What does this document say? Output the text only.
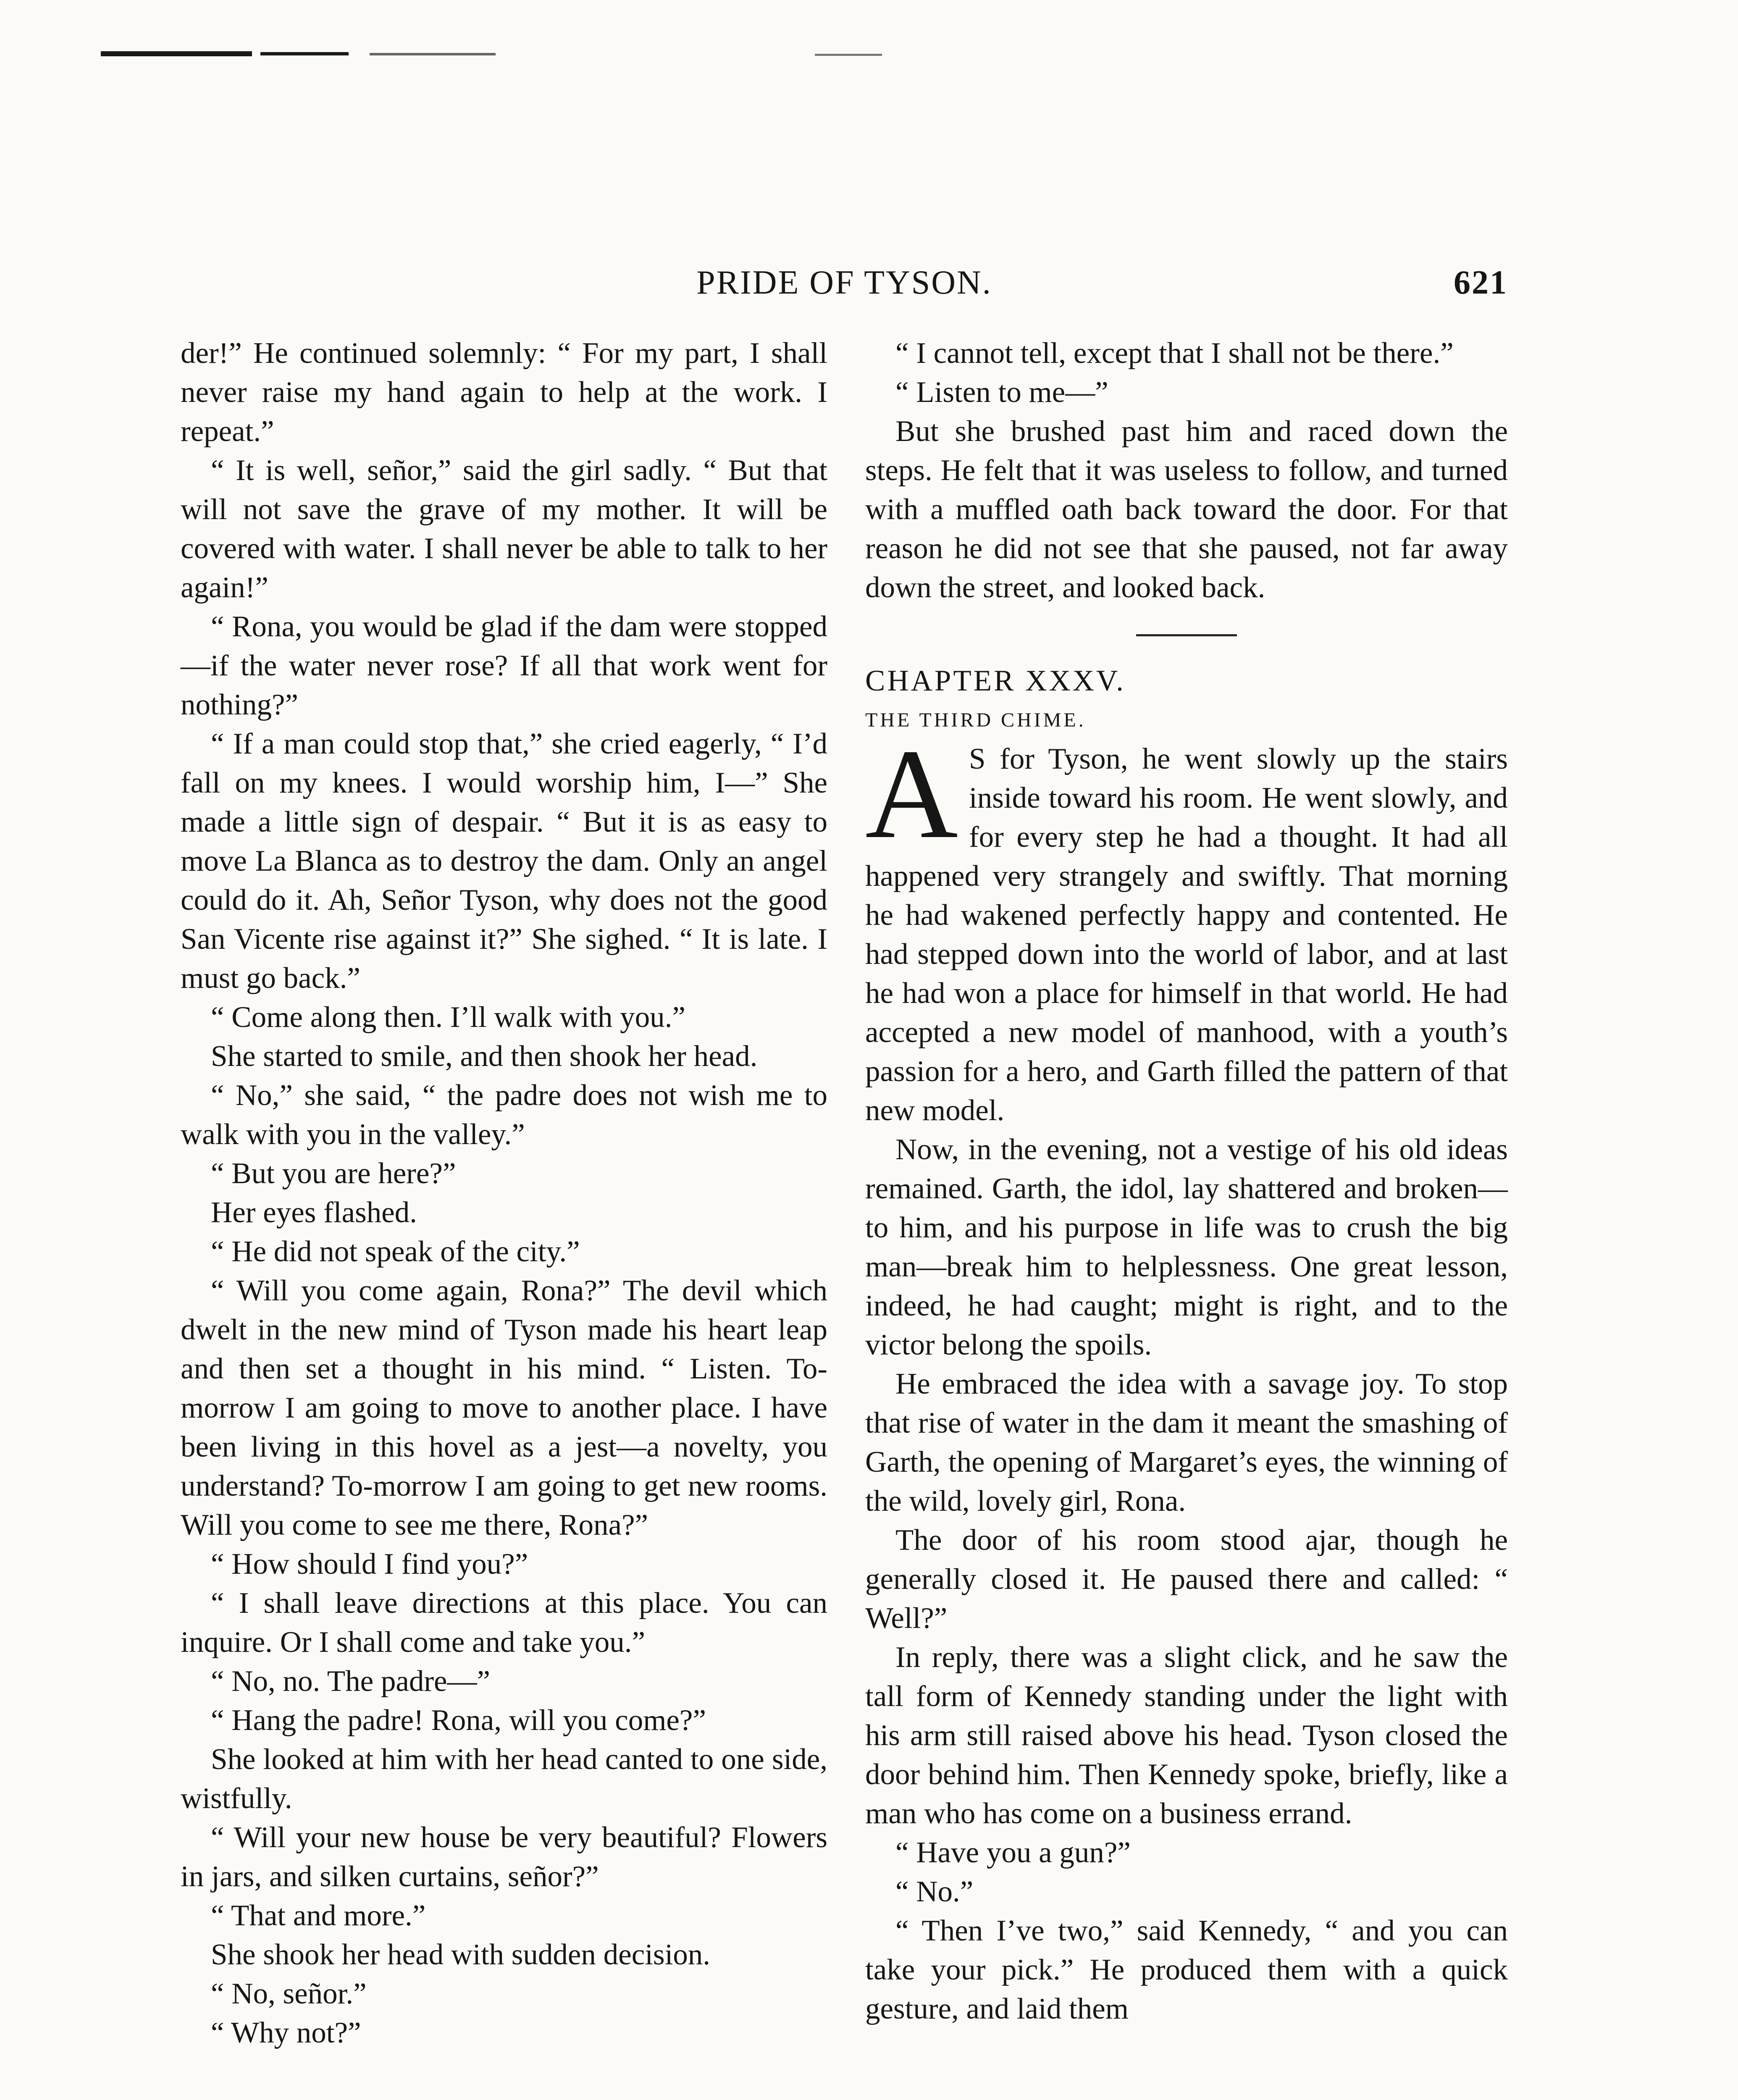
PRIDE OF TYSON.	621

der!” He continued solemnly: “ For my part, I shall never raise my hand again to help at the work. I repeat.”

“ It is well, señor,” said the girl sadly. “ But that will not save the grave of my mother. It will be covered with water. I shall never be able to talk to her again!”

“ Rona, you would be glad if the dam were stopped—if the water never rose? If all that work went for nothing?”

“ If a man could stop that,” she cried eagerly, “ I’d fall on my knees. I would worship him, I—” She made a little sign of despair. “ But it is as easy to move La Blanca as to destroy the dam. Only an angel could do it. Ah, Señor Tyson, why does not the good San Vicente rise against it?” She sighed. “ It is late. I must go back.”

“ Come along then. I’ll walk with you.”

She started to smile, and then shook her head.

“ No,” she said, “ the padre does not wish me to walk with you in the valley.”

“ But you are here?”

Her eyes flashed.

“ He did not speak of the city.”

“ Will you come again, Rona?” The devil which dwelt in the new mind of Tyson made his heart leap and then set a thought in his mind. “ Listen. To-morrow I am going to move to another place. I have been living in this hovel as a jest—a novelty, you understand? To-morrow I am going to get new rooms. Will you come to see me there, Rona?”

“ How should I find you?”

“ I shall leave directions at this place. You can inquire. Or I shall come and take you.”

“ No, no. The padre—”

“ Hang the padre! Rona, will you come?”

She looked at him with her head canted to one side, wistfully.

“ Will your new house be very beautiful? Flowers in jars, and silken curtains, señor?”

“ That and more.”

She shook her head with sudden decision.

“ No, señor.”

“ Why not?”

“ I cannot tell, except that I shall not be there.”

“ Listen to me—”

But she brushed past him and raced down the steps. He felt that it was useless to follow, and turned with a muffled oath back toward the door. For that reason he did not see that she paused, not far away down the street, and looked back.

CHAPTER XXXV.

THE THIRD CHIME.

A S for Tyson, he went slowly up the stairs inside toward his room. He went slowly, and for every step he had a thought. It had all happened very strangely and swiftly. That morning he had wakened perfectly happy and contented. He had stepped down into the world of labor, and at last he had won a place for himself in that world. He had accepted a new model of manhood, with a youth’s passion for a hero, and Garth filled the pattern of that new model.

Now, in the evening, not a vestige of his old ideas remained. Garth, the idol, lay shattered and broken—to him, and his purpose in life was to crush the big man—break him to helplessness. One great lesson, indeed, he had caught; might is right, and to the victor belong the spoils.

He embraced the idea with a savage joy. To stop that rise of water in the dam it meant the smashing of Garth, the opening of Margaret’s eyes, the winning of the wild, lovely girl, Rona.

The door of his room stood ajar, though he generally closed it. He paused there and called: “ Well?”

In reply, there was a slight click, and he saw the tall form of Kennedy standing under the light with his arm still raised above his head. Tyson closed the door behind him. Then Kennedy spoke, briefly, like a man who has come on a business errand.

“ Have you a gun?”

“ No.”

“ Then I’ve two,” said Kennedy, “ and you can take your pick.” He produced them with a quick gesture, and laid them
